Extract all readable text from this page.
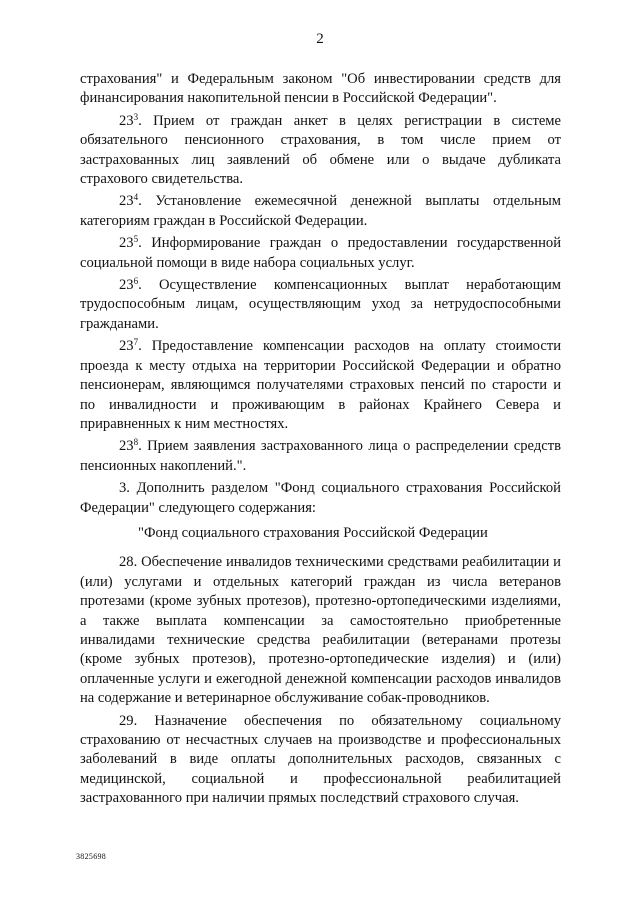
2

страхования" и Федеральным законом "Об инвестировании средств для финансирования накопительной пенсии в Российской Федерации".

$23^3$. Прием от граждан анкет в целях регистрации в системе обязательного пенсионного страхования, в том числе прием от застрахованных лиц заявлений об обмене или о выдаче дубликата страхового свидетельства.

$23^4$. Установление ежемесячной денежной выплаты отдельным категориям граждан в Российской Федерации.

$23^5$. Информирование граждан о предоставлении государственной социальной помощи в виде набора социальных услуг.

$23^6$. Осуществление компенсационных выплат неработающим трудоспособным лицам, осуществляющим уход за нетрудоспособными гражданами.

$23^7$. Предоставление компенсации расходов на оплату стоимости проезда к месту отдыха на территории Российской Федерации и обратно пенсионерам, являющимся получателями страховых пенсий по старости и по инвалидности и проживающим в районах Крайнего Севера и приравненных к ним местностях.

$23^8$. Прием заявления застрахованного лица о распределении средств пенсионных накоплений.".

3. Дополнить разделом "Фонд социального страхования Российской Федерации" следующего содержания:

"Фонд социального страхования Российской Федерации

28. Обеспечение инвалидов техническими средствами реабилитации и (или) услугами и отдельных категорий граждан из числа ветеранов протезами (кроме зубных протезов), протезно-ортопедическими изделиями, а также выплата компенсации за самостоятельно приобретенные инвалидами технические средства реабилитации (ветеранами протезы (кроме зубных протезов), протезно-ортопедические изделия) и (или) оплаченные услуги и ежегодной денежной компенсации расходов инвалидов на содержание и ветеринарное обслуживание собак-проводников.

29. Назначение обеспечения по обязательному социальному страхованию от несчастных случаев на производстве и профессиональных заболеваний в виде оплаты дополнительных расходов, связанных с медицинской, социальной и профессиональной реабилитацией застрахованного при наличии прямых последствий страхового случая.

3825698
